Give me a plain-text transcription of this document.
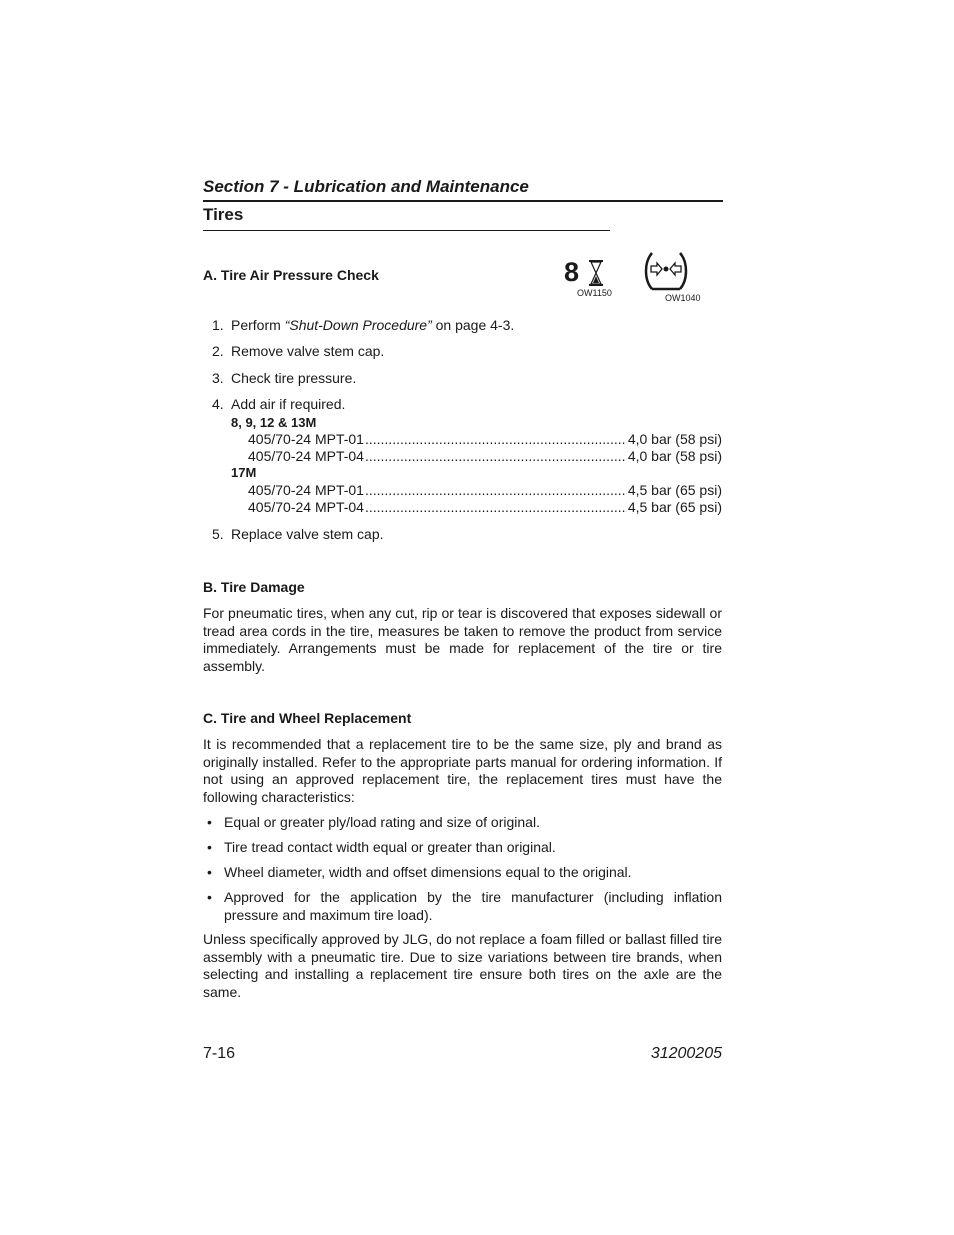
Section 7 - Lubrication and Maintenance
Tires
A. Tire Air Pressure Check	8
OW1150	OW1040
1. Perform “Shut-Down Procedure” on page 4-3.
2. Remove valve stem cap.
3. Check tire pressure.
4. Add air if required.
8, 9, 12 & 13M
405/70-24 MPT-01 .....	4,0 bar (58 psi)
405/70-24 MPT-04 .....	4,0 bar (58 psi)
17M
405/70-24 MPT-01 .....	4,5 bar (65 psi)
405/70-24 MPT-04 .....	4,5 bar (65 psi)
5. Replace valve stem cap.
B. Tire Damage
For pneumatic tires, when any cut, rip or tear is discovered that exposes sidewall or tread area cords in the tire, measures be taken to remove the product from service immediately. Arrangements must be made for replacement of the tire or tire assembly.
C. Tire and Wheel Replacement
It is recommended that a replacement tire to be the same size, ply and brand as originally installed. Refer to the appropriate parts manual for ordering information. If not using an approved replacement tire, the replacement tires must have the following characteristics:
• Equal or greater ply/load rating and size of original.
• Tire tread contact width equal or greater than original.
• Wheel diameter, width and offset dimensions equal to the original.
• Approved for the application by the tire manufacturer (including inflation pressure and maximum tire load).
Unless specifically approved by JLG, do not replace a foam filled or ballast filled tire assembly with a pneumatic tire. Due to size variations between tire brands, when selecting and installing a replacement tire ensure both tires on the axle are the same.
7-16	31200205
